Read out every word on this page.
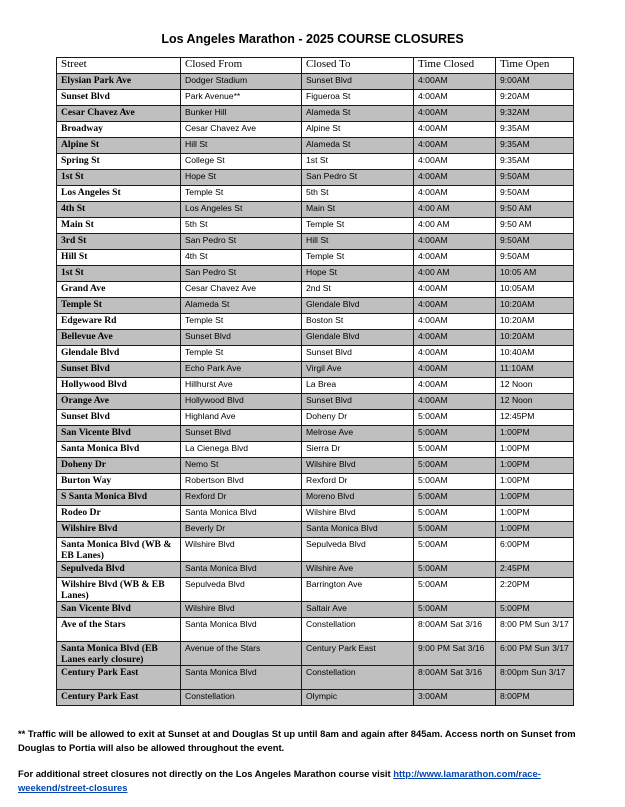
Los Angeles Marathon - 2025 COURSE CLOSURES
Street	Closed From	Closed To	Time Closed	Time Open
Elysian Park Ave	Dodger Stadium	Sunset Blvd	4:00AM	9:00AM
Sunset Blvd	Park Avenue**	Figueroa St	4:00AM	9:20AM
Cesar Chavez Ave	Bunker Hill	Alameda St	4:00AM	9:32AM
Broadway	Cesar Chavez Ave	Alpine St	4:00AM	9:35AM
Alpine St	Hill St	Alameda St	4:00AM	9:35AM
Spring St	College St	1st St	4:00AM	9:35AM
1st St	Hope St	San Pedro St	4:00AM	9:50AM
Los Angeles St	Temple St	5th St	4:00AM	9:50AM
4th St	Los Angeles St	Main St	4:00 AM	9:50 AM
Main St	5th St	Temple St	4:00 AM	9:50 AM
3rd St	San Pedro St	Hill St	4:00AM	9:50AM
Hill St	4th St	Temple St	4:00AM	9:50AM
1st St	San Pedro St	Hope St	4:00 AM	10:05 AM
Grand Ave	Cesar Chavez Ave	2nd St	4:00AM	10:05AM
Temple St	Alameda St	Glendale Blvd	4:00AM	10:20AM
Edgeware Rd	Temple St	Boston St	4:00AM	10:20AM
Bellevue Ave	Sunset Blvd	Glendale Blvd	4:00AM	10:20AM
Glendale Blvd	Temple St	Sunset Blvd	4:00AM	10:40AM
Sunset Blvd	Echo Park Ave	Virgil Ave	4:00AM	11:10AM
Hollywood Blvd	Hillhurst Ave	La Brea	4:00AM	12 Noon
Orange Ave	Hollywood Blvd	Sunset Blvd	4:00AM	12 Noon
Sunset Blvd	Highland Ave	Doheny Dr	5:00AM	12:45PM
San Vicente Blvd	Sunset Blvd	Melrose Ave	5:00AM	1:00PM
Santa Monica Blvd	La Cienega Blvd	Sierra Dr	5:00AM	1:00PM
Doheny Dr	Nemo St	Wilshire Blvd	5:00AM	1:00PM
Burton Way	Robertson Blvd	Rexford Dr	5:00AM	1:00PM
S Santa Monica Blvd	Rexford Dr	Moreno Blvd	5:00AM	1:00PM
Rodeo Dr	Santa Monica Blvd	Wilshire Blvd	5:00AM	1:00PM
Wilshire Blvd	Beverly Dr	Santa Monica Blvd	5:00AM	1:00PM
Santa Monica Blvd (WB & EB Lanes)	Wilshire Blvd	Sepulveda Blvd	5:00AM	6:00PM
Sepulveda Blvd	Santa Monica Blvd	Wilshire Ave	5:00AM	2:45PM
Wilshire Blvd (WB & EB Lanes)	Sepulveda Blvd	Barrington Ave	5:00AM	2:20PM
San Vicente Blvd	Wilshire Blvd	Saltair Ave	5:00AM	5:00PM
Ave of the Stars	Santa Monica Blvd	Constellation	8:00AM Sat 3/16	8:00 PM Sun 3/17
Santa Monica Blvd (EB Lanes early closure)	Avenue of the Stars	Century Park East	9:00 PM Sat 3/16	6:00 PM Sun 3/17
Century Park East	Santa Monica Blvd	Constellation	8:00AM Sat 3/16	8:00pm Sun 3/17
Century Park East	Constellation	Olympic	3:00AM	8:00PM
** Traffic will be allowed to exit at Sunset at and Douglas St up until 8am and again after 845am. Access north on Sunset from Douglas to Portia will also be allowed throughout the event.
For additional street closures not directly on the Los Angeles Marathon course visit http://www.lamarathon.com/race-weekend/street-closures
